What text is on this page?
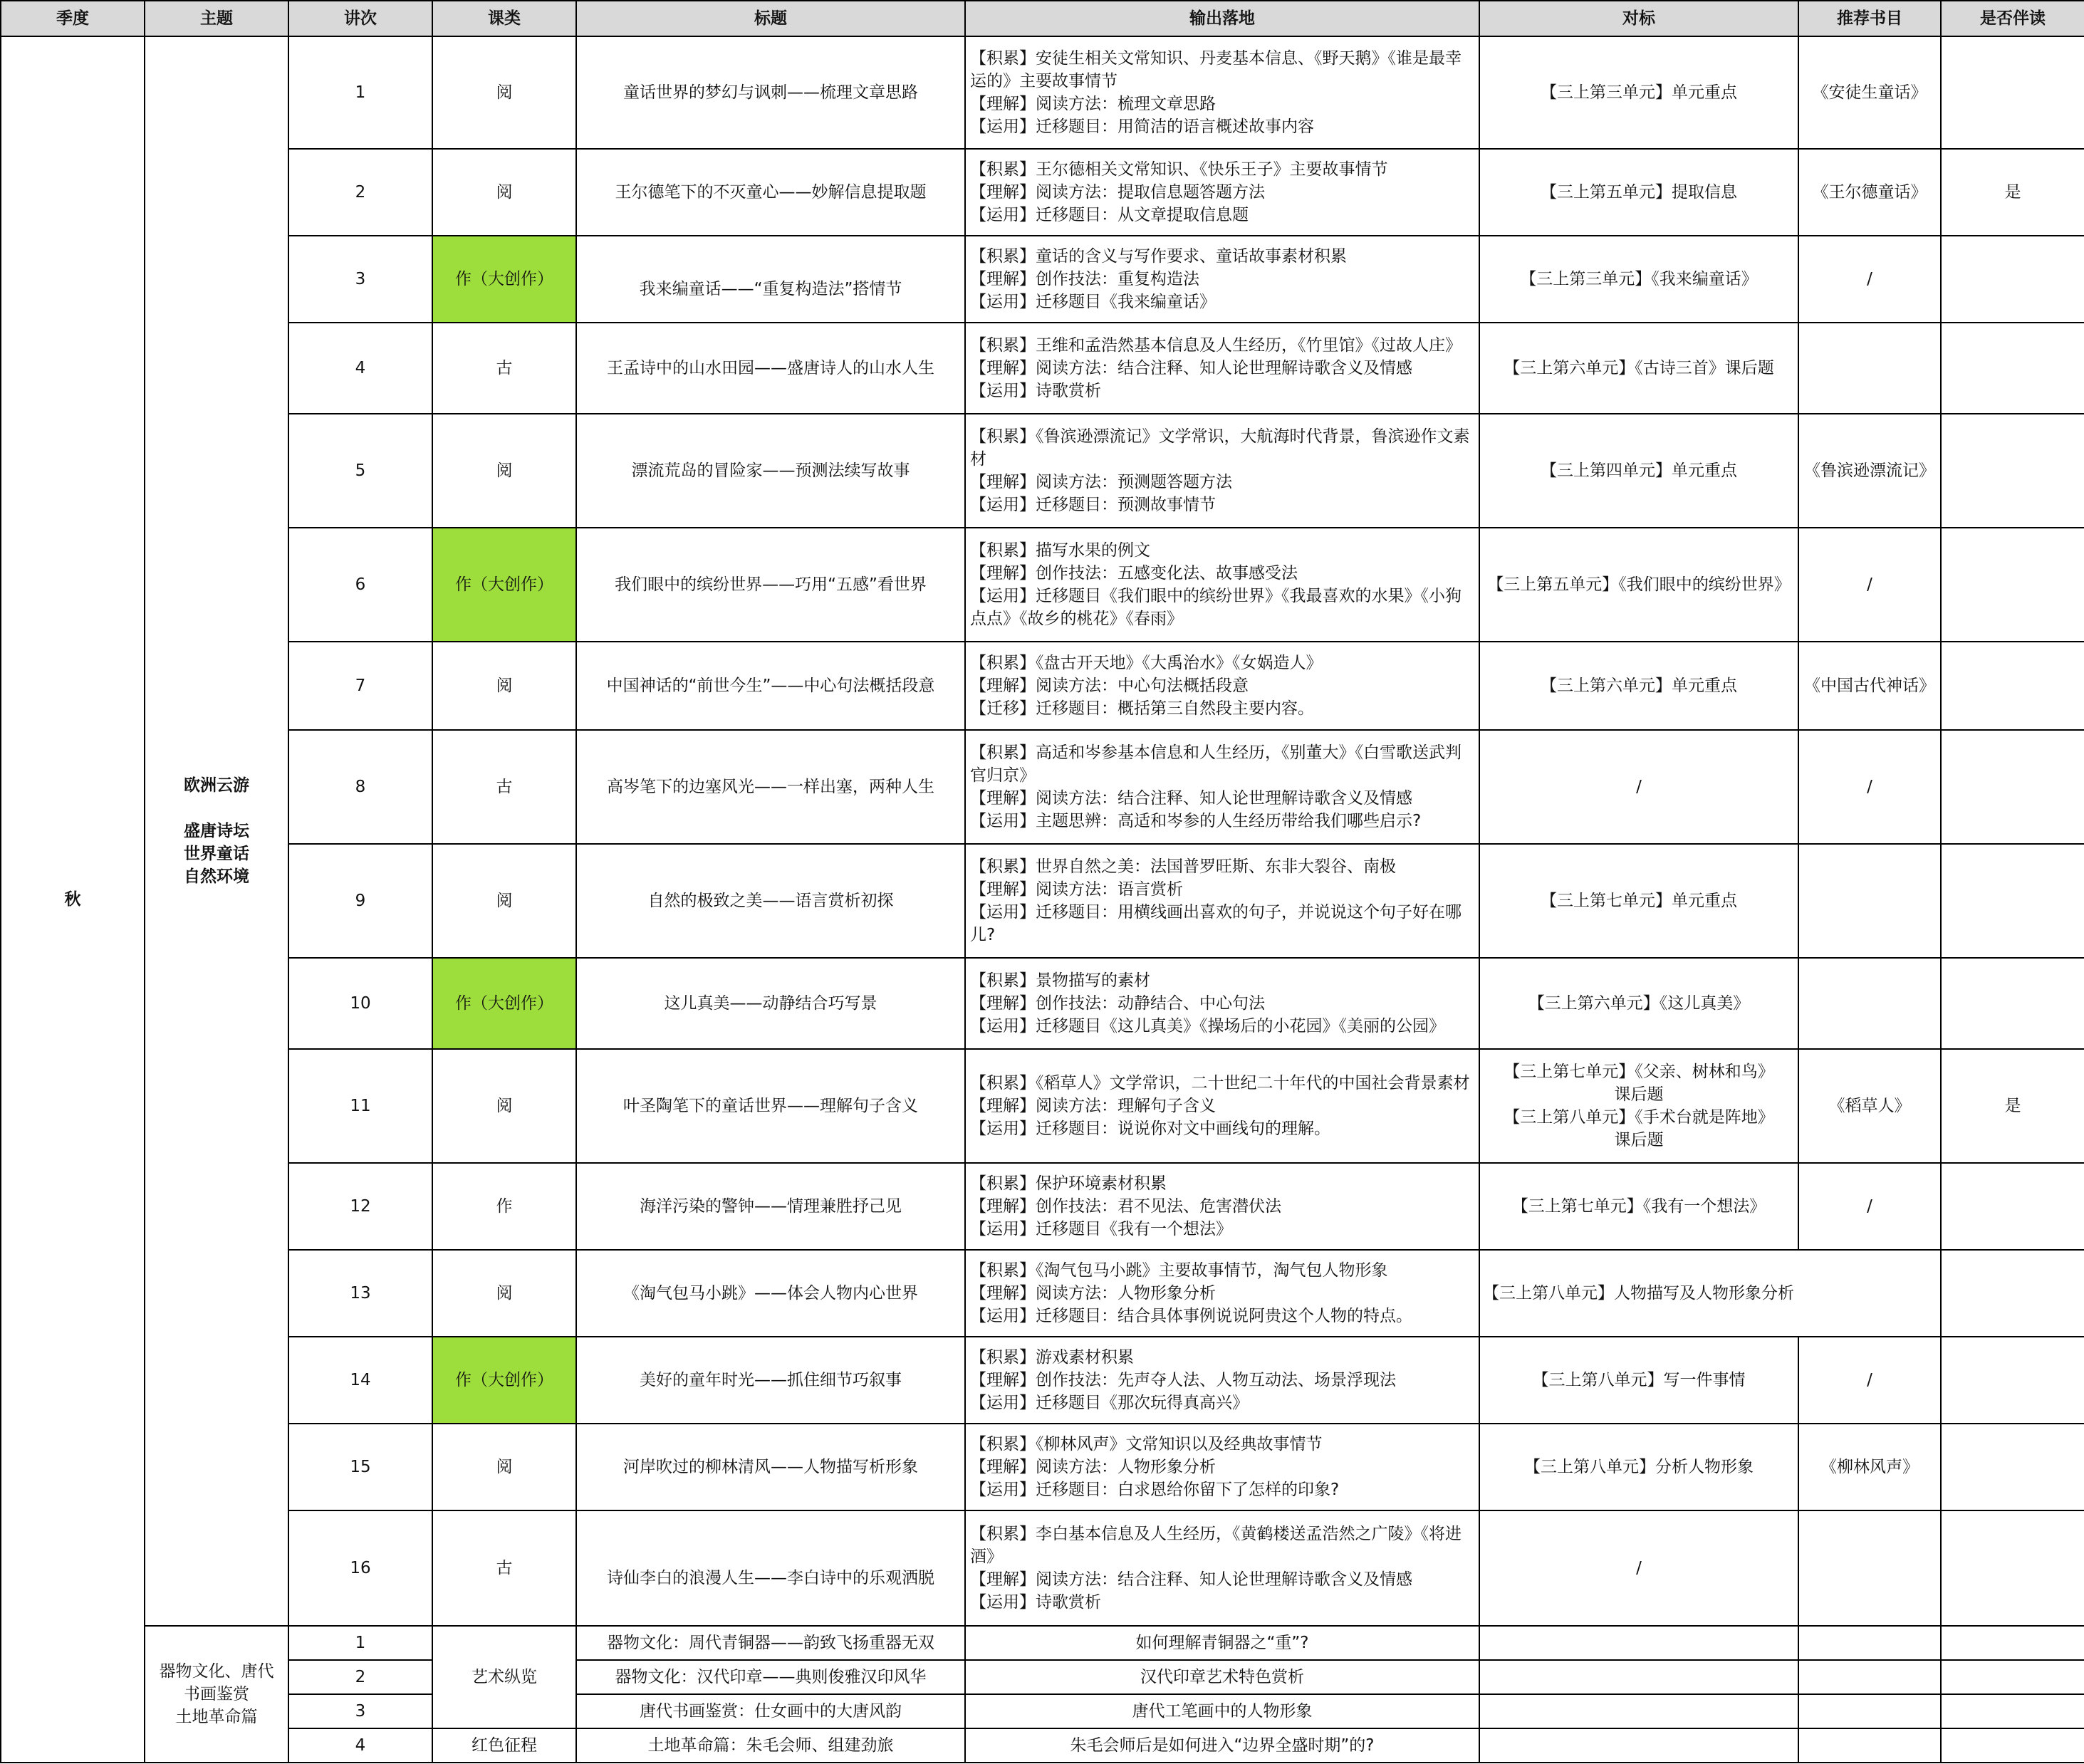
季度	主题	讲次	课类	标题	输出落地	对标	推荐书目	是否伴读
秋	欧洲云游

盛唐诗坛
世界童话
自然环境	1	阅	童话世界的梦幻与讽刺——梳理文章思路	【积累】安徒生相关文常知识、丹麦基本信息、《野天鹅》《谁是最幸运的》主要故事情节
【理解】阅读方法：梳理文章思路
【运用】迁移题目：用简洁的语言概述故事内容	【三上第三单元】单元重点	《安徒生童话》	
		2	阅	王尔德笔下的不灭童心——妙解信息提取题	【积累】王尔德相关文常知识、《快乐王子》主要故事情节
【理解】阅读方法：提取信息题答题方法
【运用】迁移题目：从文章提取信息题	【三上第五单元】提取信息	《王尔德童话》	是
		3	作（大创作）	我来编童话——“重复构造法”搭情节	【积累】童话的含义与写作要求、童话故事素材积累
【理解】创作技法：重复构造法
【运用】迁移题目《我来编童话》	【三上第三单元】《我来编童话》	/	
		4	古	王孟诗中的山水田园——盛唐诗人的山水人生	【积累】王维和孟浩然基本信息及人生经历，《竹里馆》《过故人庄》
【理解】阅读方法：结合注释、知人论世理解诗歌含义及情感
【运用】诗歌赏析	【三上第六单元】《古诗三首》课后题		
		5	阅	漂流荒岛的冒险家——预测法续写故事	【积累】《鲁滨逊漂流记》文学常识，大航海时代背景，鲁滨逊作文素材
【理解】阅读方法：预测题答题方法
【运用】迁移题目：预测故事情节	【三上第四单元】单元重点	《鲁滨逊漂流记》	
		6	作（大创作）	我们眼中的缤纷世界——巧用“五感”看世界	【积累】描写水果的例文
【理解】创作技法：五感变化法、故事感受法
【运用】迁移题目《我们眼中的缤纷世界》《我最喜欢的水果》《小狗点点》《故乡的桃花》《春雨》	【三上第五单元】《我们眼中的缤纷世界》	/	
		7	阅	中国神话的“前世今生”——中心句法概括段意	【积累】《盘古开天地》《大禹治水》《女娲造人》
【理解】阅读方法：中心句法概括段意
【迁移】迁移题目：概括第三自然段主要内容。	【三上第六单元】单元重点	《中国古代神话》	
		8	古	高岑笔下的边塞风光——一样出塞，两种人生	【积累】高适和岑参基本信息和人生经历，《别董大》《白雪歌送武判官归京》
【理解】阅读方法：结合注释、知人论世理解诗歌含义及情感
【运用】主题思辨：高适和岑参的人生经历带给我们哪些启示?	/	/	
		9	阅	自然的极致之美——语言赏析初探	【积累】世界自然之美：法国普罗旺斯、东非大裂谷、南极
【理解】阅读方法：语言赏析
【运用】迁移题目：用横线画出喜欢的句子，并说说这个句子好在哪儿?	【三上第七单元】单元重点		
		10	作（大创作）	这儿真美——动静结合巧写景	【积累】景物描写的素材
【理解】创作技法：动静结合、中心句法
【运用】迁移题目《这儿真美》《操场后的小花园》《美丽的公园》	【三上第六单元】《这儿真美》		
		11	阅	叶圣陶笔下的童话世界——理解句子含义	【积累】《稻草人》文学常识，二十世纪二十年代的中国社会背景素材
【理解】阅读方法：理解句子含义
【运用】迁移题目：说说你对文中画线句的理解。	【三上第七单元】《父亲、树林和鸟》
课后题
【三上第八单元】《手术台就是阵地》
课后题	《稻草人》	是
		12	作	海洋污染的警钟——情理兼胜抒己见	【积累】保护环境素材积累
【理解】创作技法：君不见法、危害潜伏法
【运用】迁移题目《我有一个想法》	【三上第七单元】《我有一个想法》	/	
		13	阅	《淘气包马小跳》——体会人物内心世界	【积累】《淘气包马小跳》主要故事情节，淘气包人物形象
【理解】阅读方法：人物形象分析
【运用】迁移题目：结合具体事例说说阿贵这个人物的特点。	【三上第八单元】人物描写及人物形象分析		
		14	作（大创作）	美好的童年时光——抓住细节巧叙事	【积累】游戏素材积累
【理解】创作技法：先声夺人法、人物互动法、场景浮现法
【运用】迁移题目《那次玩得真高兴》	【三上第八单元】写一件事情	/	
		15	阅	河岸吹过的柳林清风——人物描写析形象	【积累】《柳林风声》文常知识以及经典故事情节
【理解】阅读方法：人物形象分析
【运用】迁移题目：白求恩给你留下了怎样的印象?	【三上第八单元】分析人物形象	《柳林风声》	
		16	古	诗仙李白的浪漫人生——李白诗中的乐观洒脱	【积累】李白基本信息及人生经历，《黄鹤楼送孟浩然之广陵》《将进酒》
【理解】阅读方法：结合注释、知人论世理解诗歌含义及情感
【运用】诗歌赏析	/		
	器物文化、唐代
书画鉴赏
土地革命篇	1	艺术纵览	器物文化：周代青铜器——韵致飞扬重器无双	如何理解青铜器之“重”?			
		2		器物文化：汉代印章——典则俊雅汉印风华	汉代印章艺术特色赏析			
		3		唐代书画鉴赏：仕女画中的大唐风韵	唐代工笔画中的人物形象			
		4	红色征程	土地革命篇：朱毛会师、组建劲旅	朱毛会师后是如何进入“边界全盛时期”的?			
